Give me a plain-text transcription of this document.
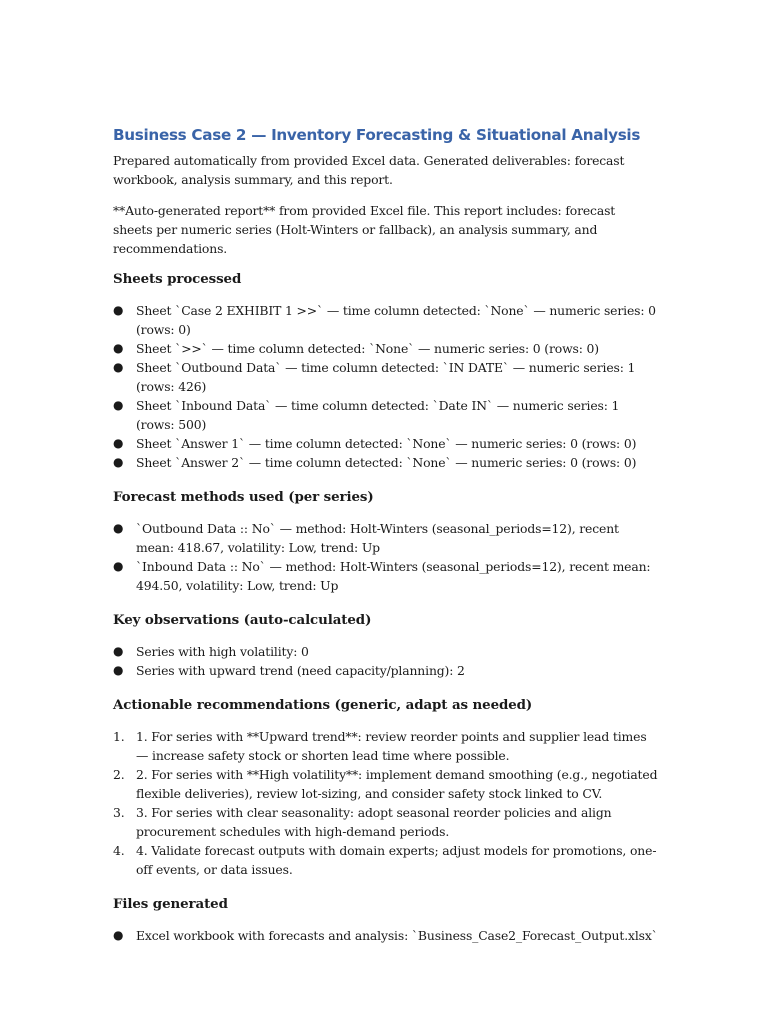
Business Case 2 — Inventory Forecasting & Situational Analysis

Prepared automatically from provided Excel data. Generated deliverables: forecast workbook, analysis summary, and this report.

**Auto-generated report** from provided Excel file. This report includes: forecast sheets per numeric series (Holt-Winters or fallback), an analysis summary, and recommendations.

Sheets processed
● Sheet `Case 2 EXHIBIT 1 >>` — time column detected: `None` — numeric series: 0 (rows: 0)
● Sheet `>>` — time column detected: `None` — numeric series: 0 (rows: 0)
● Sheet `Outbound Data` — time column detected: `IN DATE` — numeric series: 1 (rows: 426)
● Sheet `Inbound Data` — time column detected: `Date IN` — numeric series: 1 (rows: 500)
● Sheet `Answer 1` — time column detected: `None` — numeric series: 0 (rows: 0)
● Sheet `Answer 2` — time column detected: `None` — numeric series: 0 (rows: 0)
Forecast methods used (per series)
● `Outbound Data :: No` — method: Holt-Winters (seasonal_periods=12), recent mean: 418.67, volatility: Low, trend: Up
● `Inbound Data :: No` — method: Holt-Winters (seasonal_periods=12), recent mean: 494.50, volatility: Low, trend: Up
Key observations (auto-calculated)
● Series with high volatility: 0
● Series with upward trend (need capacity/planning): 2
Actionable recommendations (generic, adapt as needed)
1. 1. For series with **Upward trend**: review reorder points and supplier lead times — increase safety stock or shorten lead time where possible.
2. 2. For series with **High volatility**: implement demand smoothing (e.g., negotiated flexible deliveries), review lot-sizing, and consider safety stock linked to CV.
3. 3. For series with clear seasonality: adopt seasonal reorder policies and align procurement schedules with high-demand periods.
4. 4. Validate forecast outputs with domain experts; adjust models for promotions, one-off events, or data issues.
Files generated
● Excel workbook with forecasts and analysis: `Business_Case2_Forecast_Output.xlsx`
